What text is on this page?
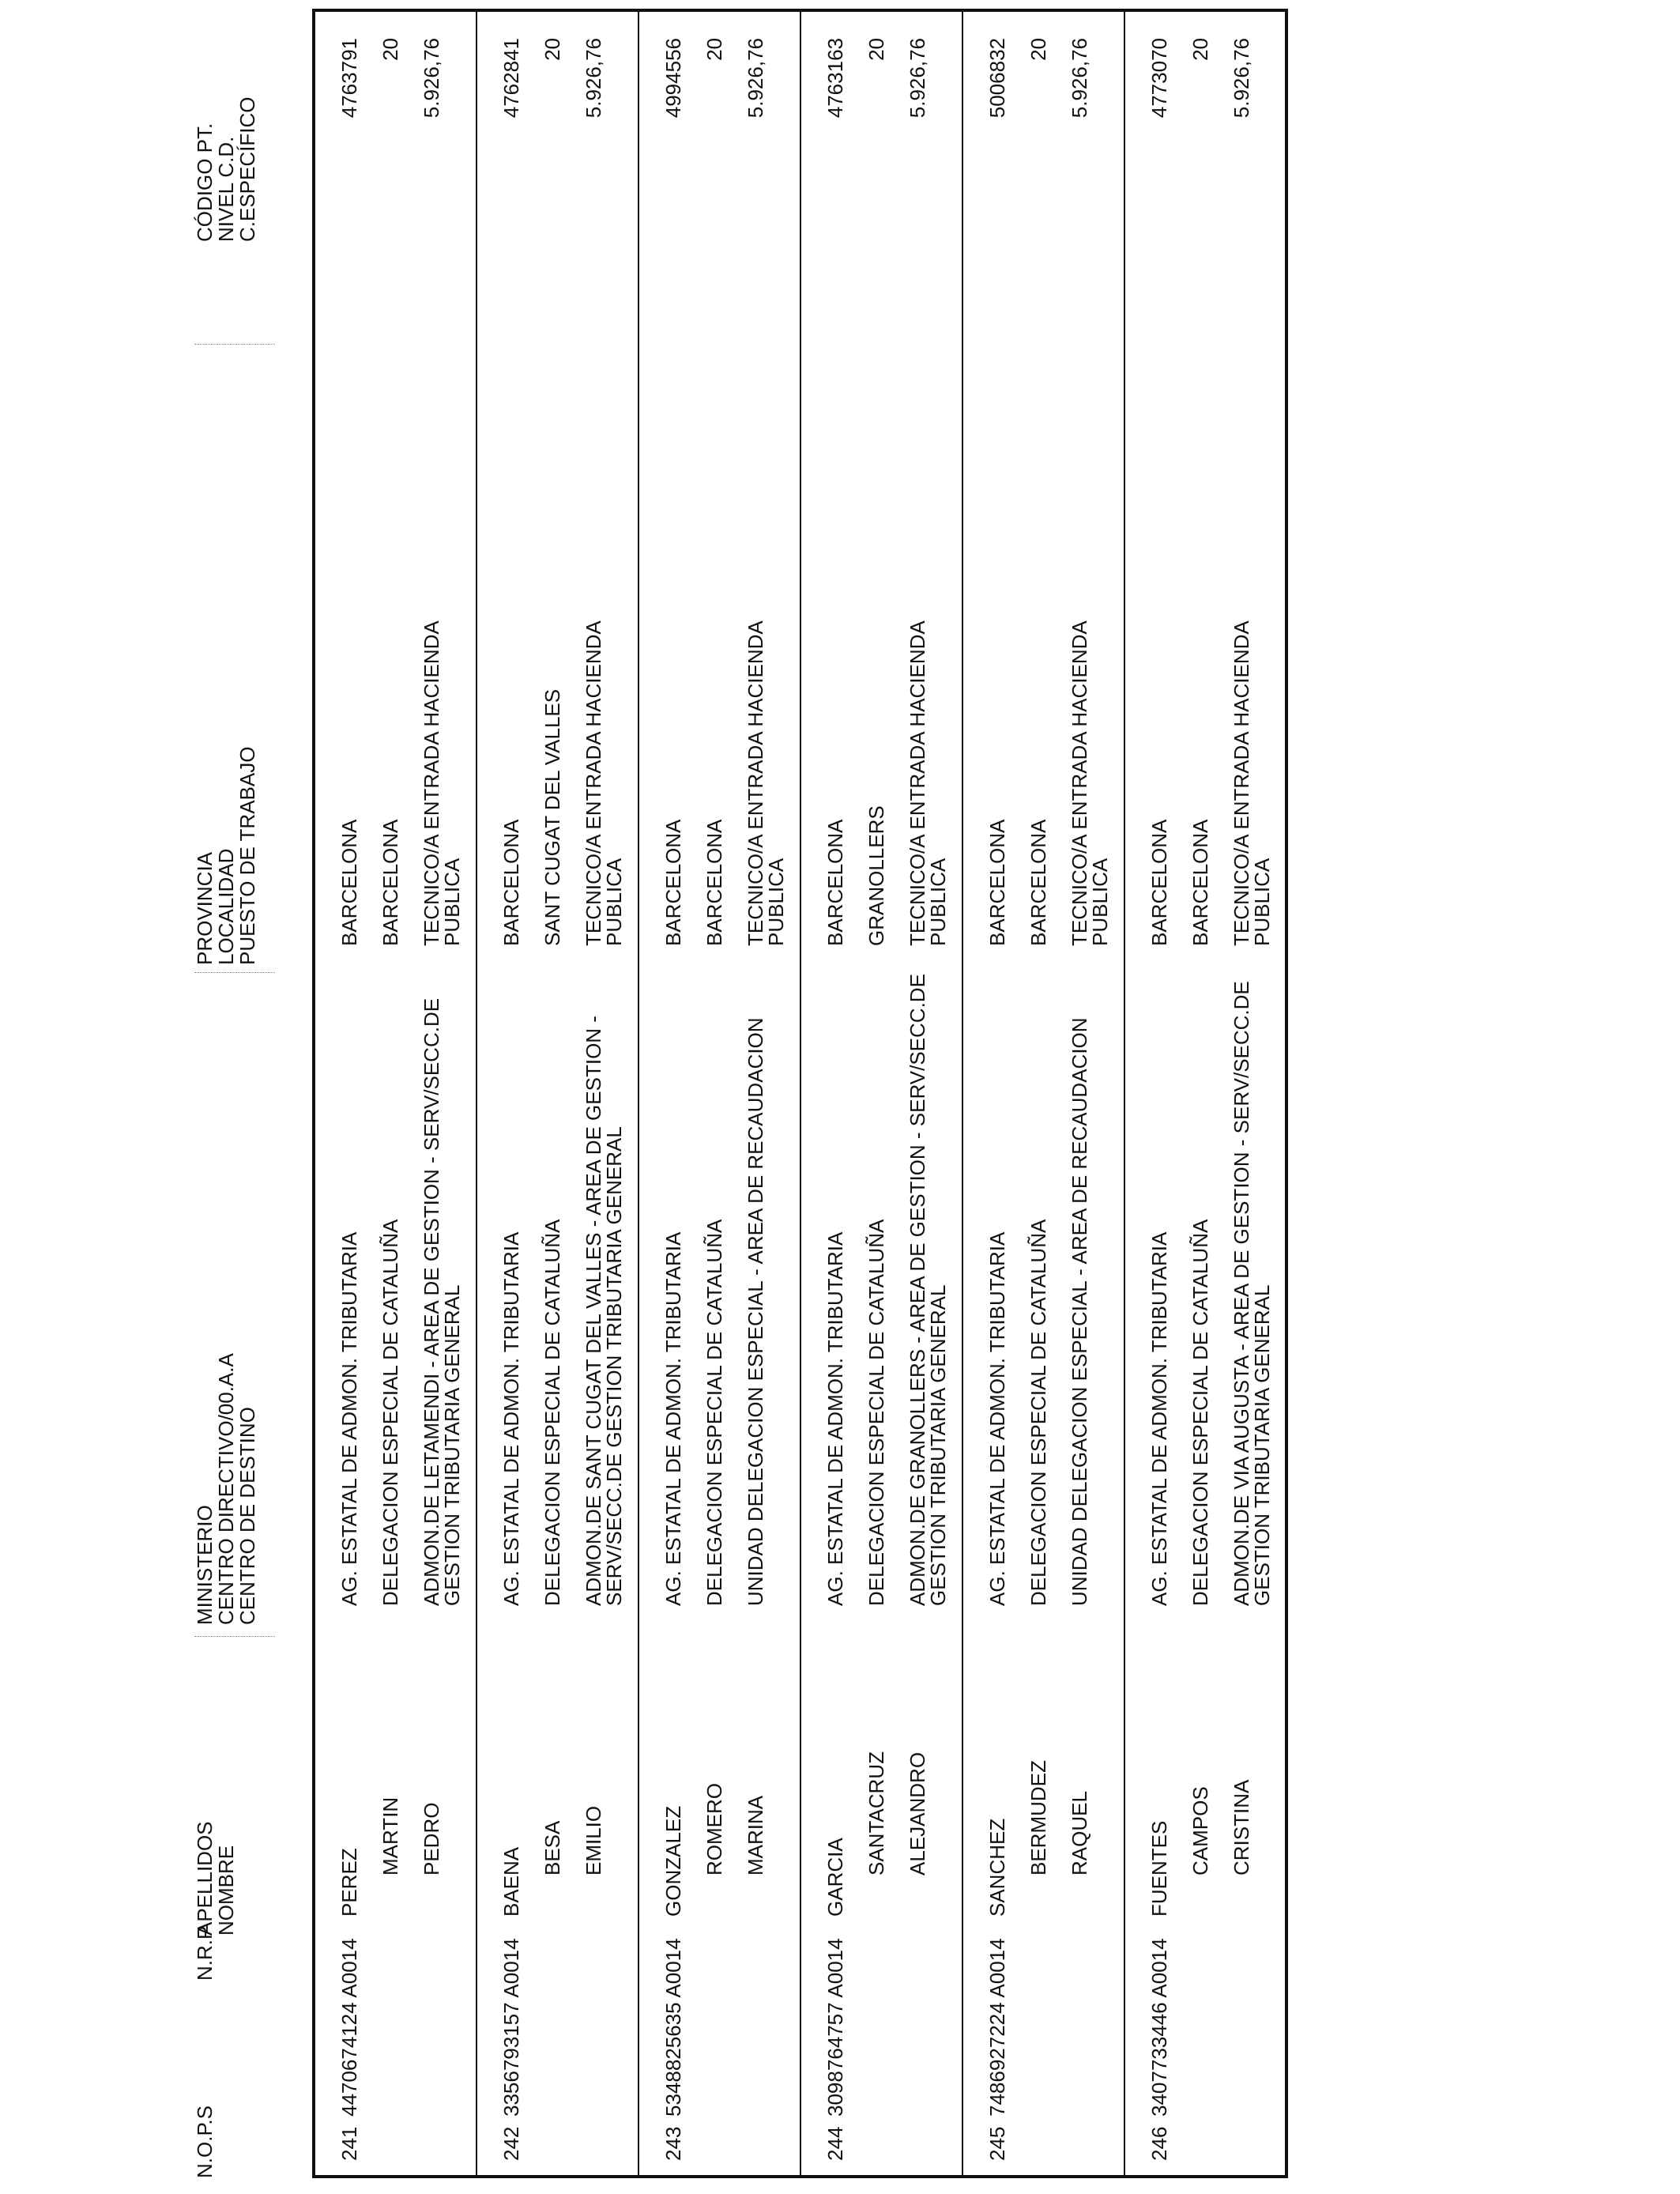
N.O.P.S
N.R.P
APELLIDOS
NOMBRE
MINISTERIO
CENTRO DIRECTIVO/00.A.A
CENTRO DE DESTINO
PROVINCIA
LOCALIDAD
PUESTO DE TRABAJO
CÓDIGO PT.
NIVEL C.D.
C.ESPECÍFICO
241
4470674124 A0014
PEREZ
MARTIN PEDRO
AG. ESTATAL DE ADMON. TRIBUTARIA DELEGACION ESPECIAL DE CATALUÑA ADMON.DE LETAMENDI - AREA DE GESTION - SERV/SECC.DE GESTION TRIBUTARIA GENERAL
BARCELONA BARCELONA TECNICO/A ENTRADA HACIENDA PUBLICA
4763791 20 5.926,76
242
3356793157 A0014
BAENA BESA EMILIO
AG. ESTATAL DE ADMON. TRIBUTARIA DELEGACION ESPECIAL DE CATALUÑA ADMON.DE SANT CUGAT DEL VALLES - AREA DE GESTION - SERV/SECC.DE GESTION TRIBUTARIA GENERAL
BARCELONA SANT CUGAT DEL VALLES TECNICO/A ENTRADA HACIENDA PUBLICA
4762841 20 5.926,76
243
5348825635 A0014
GONZALEZ ROMERO MARINA
AG. ESTATAL DE ADMON. TRIBUTARIA DELEGACION ESPECIAL DE CATALUÑA UNIDAD DELEGACION ESPECIAL - AREA DE RECAUDACION
BARCELONA BARCELONA TECNICO/A ENTRADA HACIENDA PUBLICA
4994556 20 5.926,76
244
3098764757 A0014
GARCIA
SANTACRUZ ALEJANDRO
AG. ESTATAL DE ADMON. TRIBUTARIA DELEGACION ESPECIAL DE CATALUÑA ADMON.DE GRANOLLERS - AREA DE GESTION - SERV/SECC.DE GESTION TRIBUTARIA GENERAL
BARCELONA GRANOLLERS TECNICO/A ENTRADA HACIENDA PUBLICA
4763163 20 5.926,76
245
7486927224 A0014
SANCHEZ BERMUDEZ RAQUEL
AG. ESTATAL DE ADMON. TRIBUTARIA DELEGACION ESPECIAL DE CATALUÑA UNIDAD DELEGACION ESPECIAL - AREA DE RECAUDACION
BARCELONA BARCELONA TECNICO/A ENTRADA HACIENDA PUBLICA
5006832 20 5.926,76
246
3407733446 A0014
FUENTES CAMPOS CRISTINA
AG. ESTATAL DE ADMON. TRIBUTARIA DELEGACION ESPECIAL DE CATALUÑA ADMON.DE VIA AUGUSTA - AREA DE GESTION - SERV/SECC.DE GESTION TRIBUTARIA GENERAL
BARCELONA BARCELONA TECNICO/A ENTRADA HACIENDA PUBLICA
4773070 20 5.926,76
